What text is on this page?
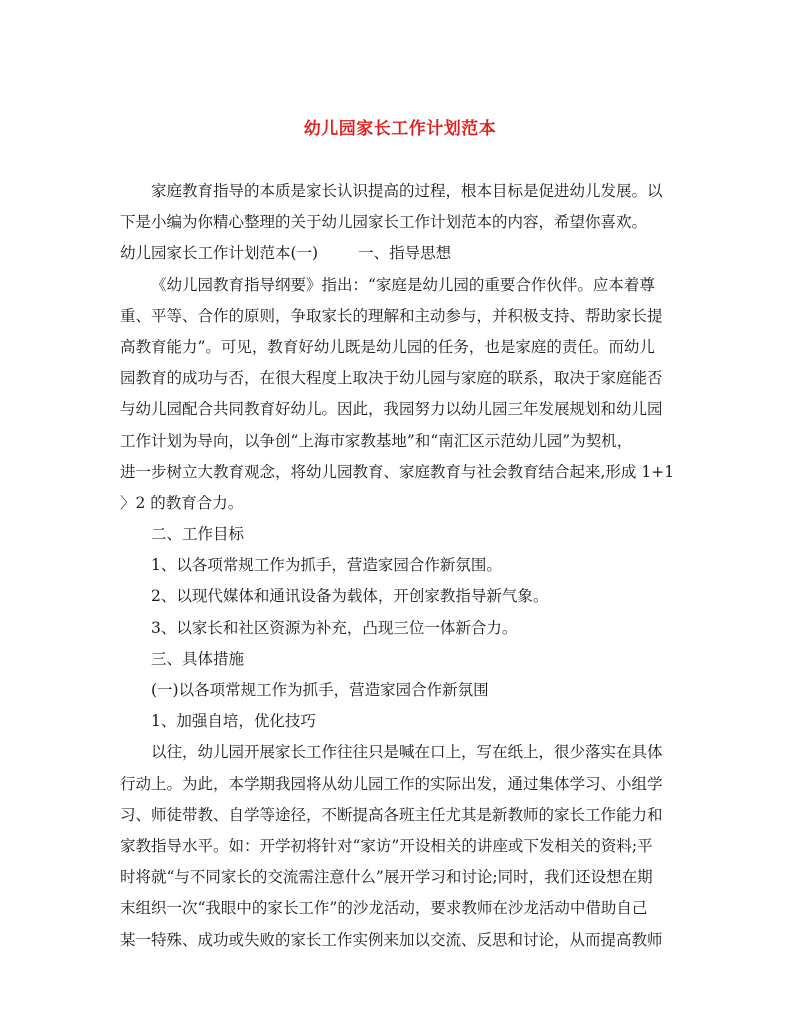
幼儿园家长工作计划范本
家庭教育指导的本质是家长认识提高的过程，根本目标是促进幼儿发展。以
下是小编为你精心整理的关于幼儿园家长工作计划范本的内容，希望你喜欢。
幼儿园家长工作计划范本(一)	一、指导思想
《幼儿园教育指导纲要》指出：“家庭是幼儿园的重要合作伙伴。应本着尊
重、平等、合作的原则，争取家长的理解和主动参与，并积极支持、帮助家长提
高教育能力”。可见，教育好幼儿既是幼儿园的任务，也是家庭的责任。而幼儿
园教育的成功与否，在很大程度上取决于幼儿园与家庭的联系，取决于家庭能否
与幼儿园配合共同教育好幼儿。因此，我园努力以幼儿园三年发展规划和幼儿园
工作计划为导向，以争创“上海市家教基地”和“南汇区示范幼儿园”为契机，
进一步树立大教育观念，将幼儿园教育、家庭教育与社会教育结合起来,形成 1+1
〉2 的教育合力。
二、工作目标
1、以各项常规工作为抓手，营造家园合作新氛围。
2、以现代媒体和通讯设备为载体，开创家教指导新气象。
3、以家长和社区资源为补充，凸现三位一体新合力。
三、具体措施
(一)以各项常规工作为抓手，营造家园合作新氛围
1、加强自培，优化技巧
以往，幼儿园开展家长工作往往只是喊在口上，写在纸上，很少落实在具体
行动上。为此，本学期我园将从幼儿园工作的实际出发，通过集体学习、小组学
习、师徒带教、自学等途径，不断提高各班主任尤其是新教师的家长工作能力和
家教指导水平。如：开学初将针对“家访”开设相关的讲座或下发相关的资料;平
时将就“与不同家长的交流需注意什么”展开学习和讨论;同时，我们还设想在期
末组织一次“我眼中的家长工作”的沙龙活动，要求教师在沙龙活动中借助自己
某一特殊、成功或失败的家长工作实例来加以交流、反思和讨论，从而提高教师
